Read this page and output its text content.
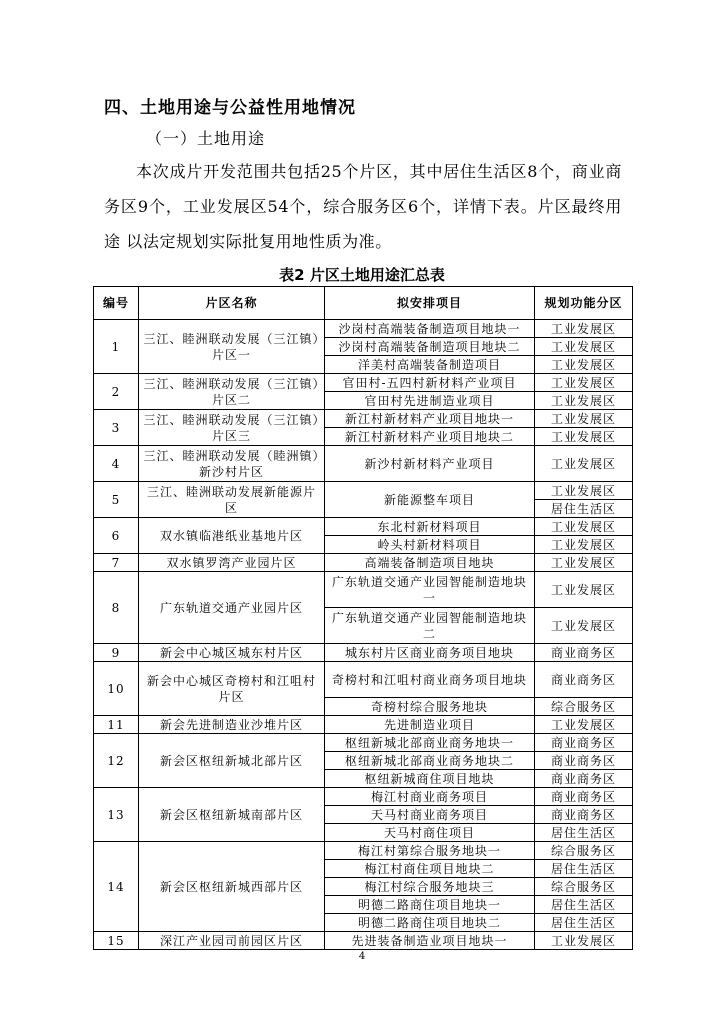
四、土地用途与公益性用地情况
（一）土地用途

本次成片开发范围共包括25个片区，其中居住生活区8个，商业商务区9个，工业发展区54个，综合服务区6个，详情下表。片区最终用途 以法定规划实际批复用地性质为准。

表2 片区土地用途汇总表
编号	片区名称	拟安排项目	规划功能分区
1	三江、睦洲联动发展（三江镇）片区一	沙岗村高端装备制造项目地块一	工业发展区
		沙岗村高端装备制造项目地块二	工业发展区
		洋美村高端装备制造项目	工业发展区
2	三江、睦洲联动发展（三江镇）片区二	官田村-五四村新材料产业项目	工业发展区
		官田村先进制造业项目	工业发展区
3	三江、睦洲联动发展（三江镇）片区三	新江村新材料产业项目地块一	工业发展区
		新江村新材料产业项目地块二	工业发展区
4	三江、睦洲联动发展（睦洲镇）新沙村片区	新沙村新材料产业项目	工业发展区
5	三江、睦洲联动发展新能源片区	新能源整车项目	工业发展区
			居住生活区
6	双水镇临港纸业基地片区	东北村新材料项目	工业发展区
		岭头村新材料项目	工业发展区
7	双水镇罗湾产业园片区	高端装备制造项目地块	工业发展区
8	广东轨道交通产业园片区	广东轨道交通产业园智能制造地块一	工业发展区
		广东轨道交通产业园智能制造地块二	工业发展区
9	新会中心城区城东村片区	城东村片区商业商务项目地块	商业商务区
10	新会中心城区奇榜村和江咀村片区	奇榜村和江咀村商业商务项目地块	商业商务区
		奇榜村综合服务地块	综合服务区
11	新会先进制造业沙堆片区	先进制造业项目	工业发展区
12	新会区枢纽新城北部片区	枢纽新城北部商业商务地块一	商业商务区
		枢纽新城北部商业商务地块二	商业商务区
		枢纽新城商住项目地块	商业商务区
13	新会区枢纽新城南部片区	梅江村商业商务项目	商业商务区
		天马村商业商务项目	商业商务区
		天马村商住项目	居住生活区
14	新会区枢纽新城西部片区	梅江村第综合服务地块一	综合服务区
		梅江村商住项目地块二	居住生活区
		梅江村综合服务地块三	综合服务区
		明德二路商住项目地块一	居住生活区
		明德二路商住项目地块二	居住生活区
15	深江产业园司前园区片区	先进装备制造业项目地块一	工业发展区
4
